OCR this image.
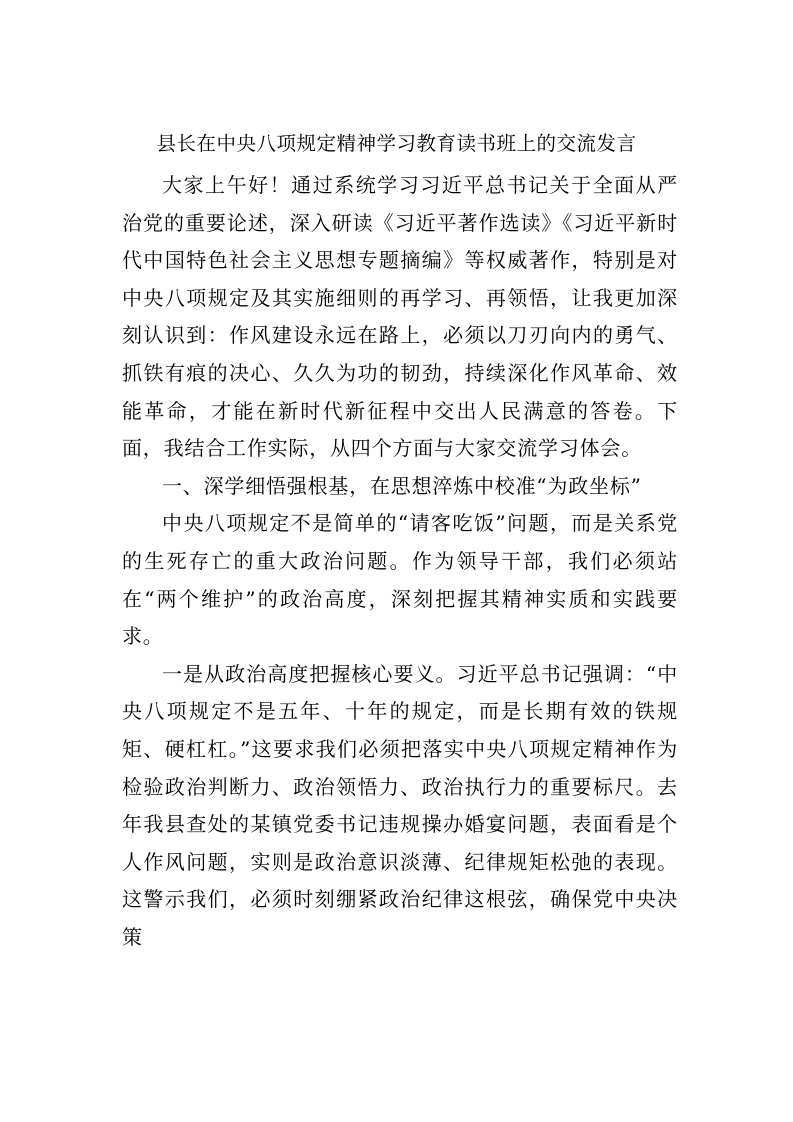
县长在中央八项规定精神学习教育读书班上的交流发言

大家上午好！通过系统学习习近平总书记关于全面从严治党的重要论述，深入研读《习近平著作选读》《习近平新时代中国特色社会主义思想专题摘编》等权威著作，特别是对中央八项规定及其实施细则的再学习、再领悟，让我更加深刻认识到：作风建设永远在路上，必须以刀刃向内的勇气、抓铁有痕的决心、久久为功的韧劲，持续深化作风革命、效能革命，才能在新时代新征程中交出人民满意的答卷。下面，我结合工作实际，从四个方面与大家交流学习体会。

一、深学细悟强根基，在思想淬炼中校准“为政坐标”

中央八项规定不是简单的“请客吃饭”问题，而是关系党的生死存亡的重大政治问题。作为领导干部，我们必须站在“两个维护”的政治高度，深刻把握其精神实质和实践要求。

一是从政治高度把握核心要义。习近平总书记强调：“中央八项规定不是五年、十年的规定，而是长期有效的铁规矩、硬杠杠。”这要求我们必须把落实中央八项规定精神作为检验政治判断力、政治领悟力、政治执行力的重要标尺。去年我县查处的某镇党委书记违规操办婚宴问题，表面看是个人作风问题，实则是政治意识淡薄、纪律规矩松弛的表现。这警示我们，必须时刻绷紧政治纪律这根弦，确保党中央决策
